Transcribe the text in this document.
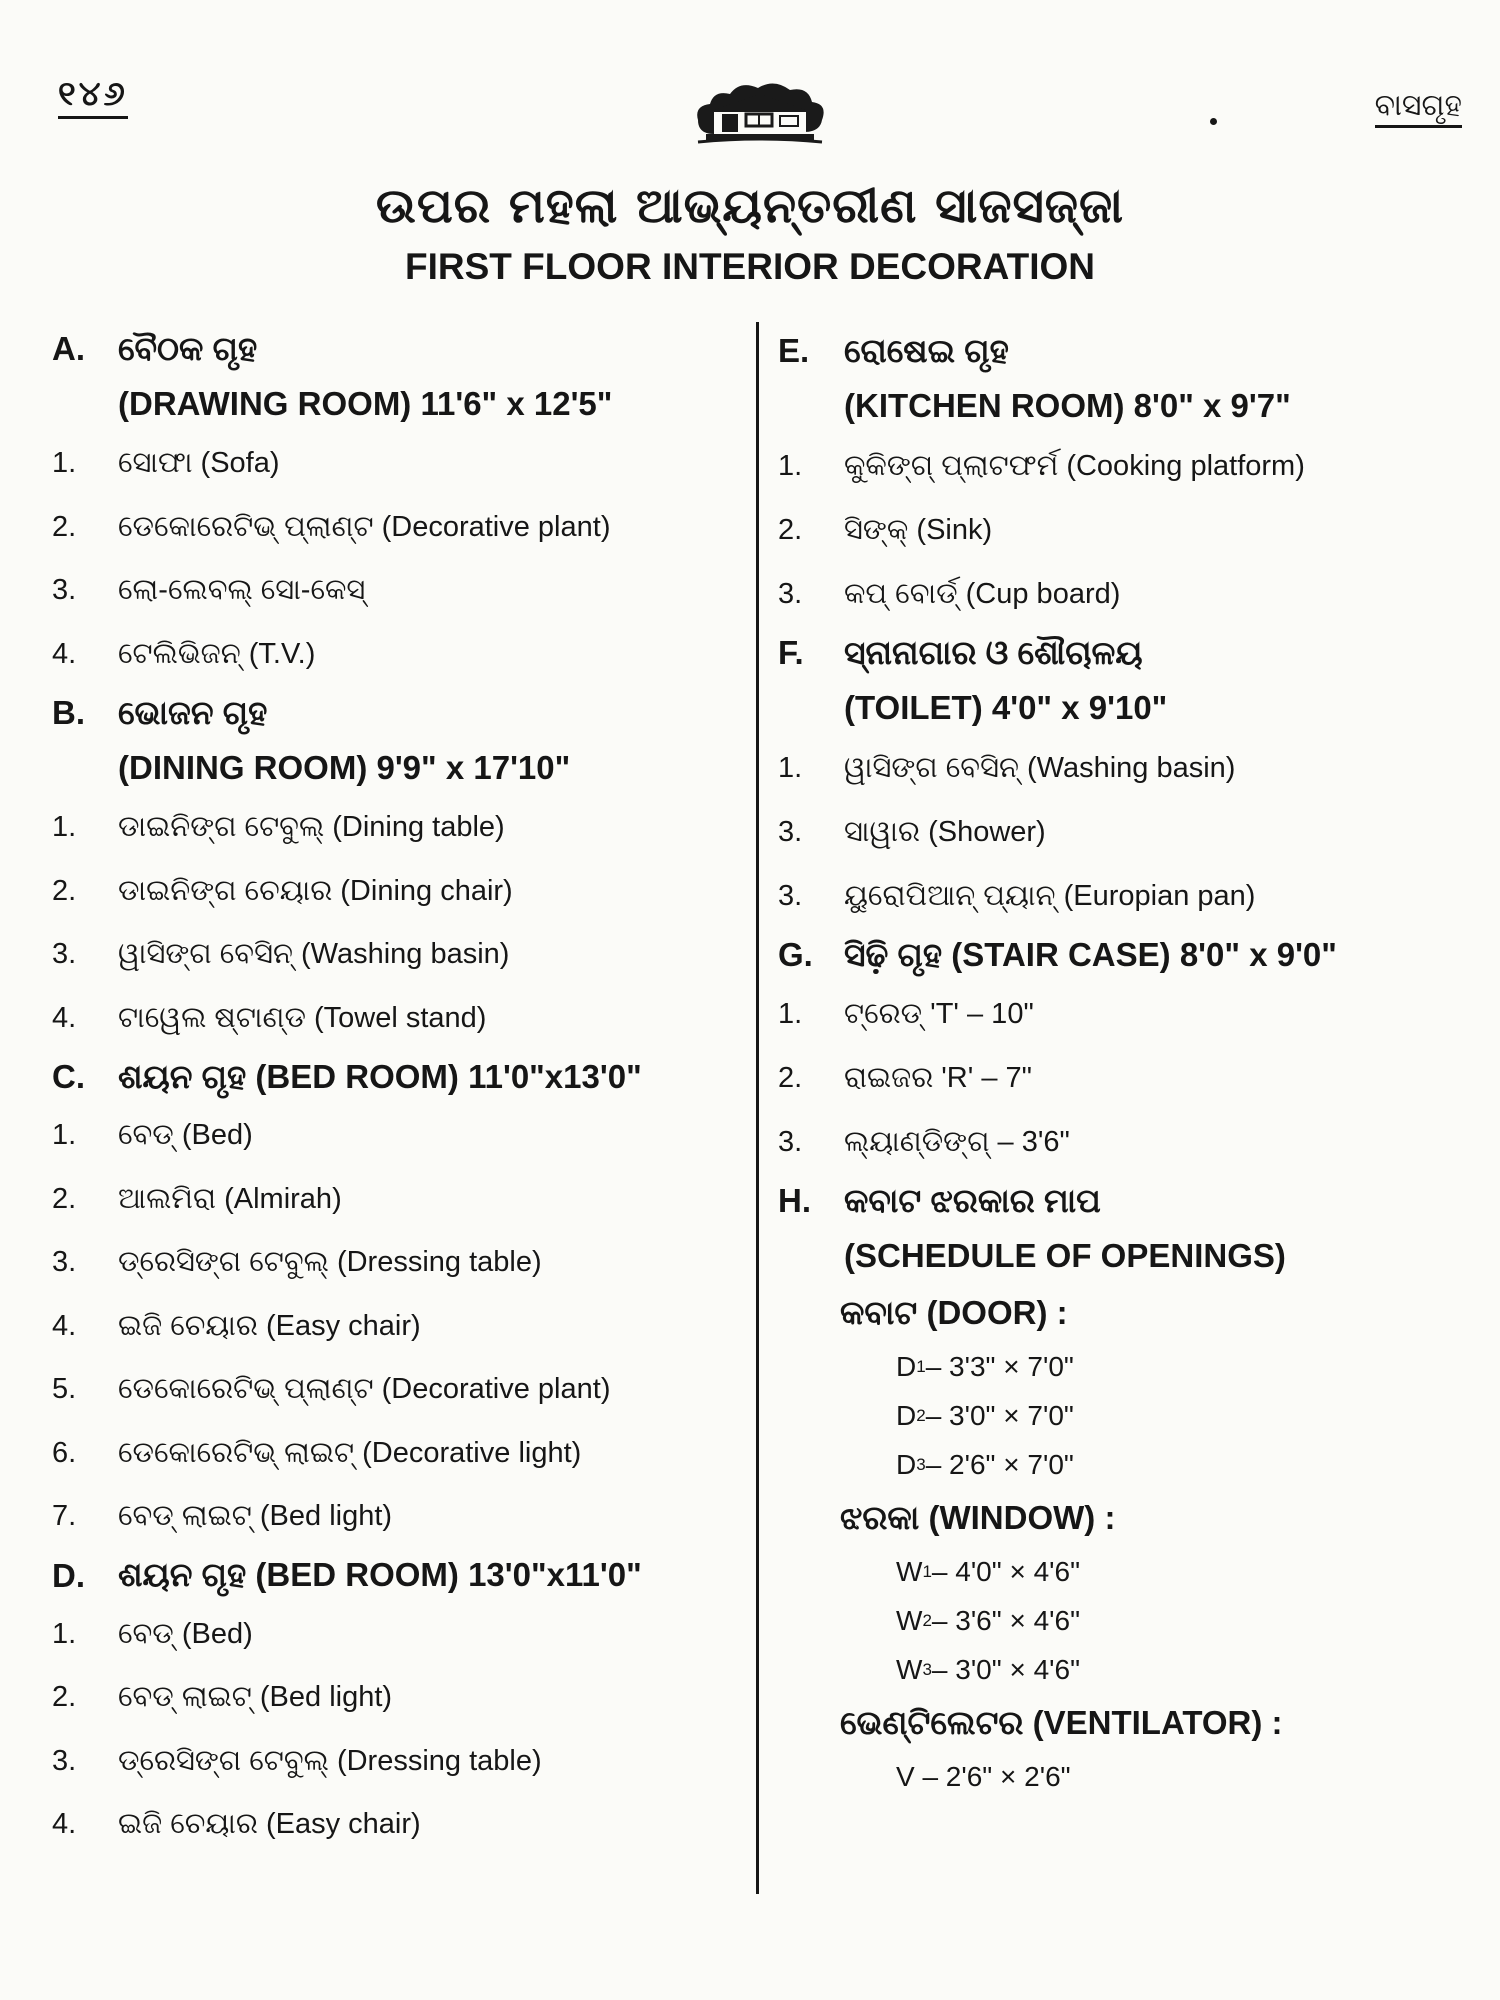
୧୪୬	ବାସଗୃହ
ଉପର ମହଲା ଆଭ୍ୟନ୍ତରୀଣ ସାଜସଜ୍ଜା
FIRST FLOOR INTERIOR DECORATION
A.	ବୈଠକ ଗୃହ
(DRAWING ROOM) 11'6" x 12'5"
1.	ସୋଫା (Sofa)
2.	ଡେକୋରେଟିଭ୍ ପ୍ଲାଣ୍ଟ (Decorative plant)
3.	ଲୋ-ଲେବଲ୍ ସୋ-କେସ୍
4.	ଟେଲିଭିଜନ୍ (T.V.)
B.	ଭୋଜନ ଗୃହ
(DINING ROOM) 9'9" x 17'10"
1.	ଡାଇନିଙ୍ଗ ଟେବୁଲ୍ (Dining table)
2.	ଡାଇନିଙ୍ଗ ଚେୟାର (Dining chair)
3.	ୱାସିଙ୍ଗ ବେସିନ୍ (Washing basin)
4.	ଟାୱେଲ ଷ୍ଟାଣ୍ଡ (Towel stand)
C.	ଶୟନ ଗୃହ (BED ROOM) 11'0"x13'0"
1.	ବେଡ୍ (Bed)
2.	ଆଲମିରା (Almirah)
3.	ଡ୍ରେସିଙ୍ଗ ଟେବୁଲ୍ (Dressing table)
4.	ଇଜି ଚେୟାର (Easy chair)
5.	ଡେକୋରେଟିଭ୍ ପ୍ଲାଣ୍ଟ (Decorative plant)
6.	ଡେକୋରେଟିଭ୍ ଲାଇଟ୍ (Decorative light)
7.	ବେଡ୍ ଲାଇଟ୍ (Bed light)
D.	ଶୟନ ଗୃହ (BED ROOM) 13'0"x11'0"
1.	ବେଡ୍ (Bed)
2.	ବେଡ୍ ଲାଇଟ୍ (Bed light)
3.	ଡ୍ରେସିଙ୍ଗ ଟେବୁଲ୍ (Dressing table)
4.	ଇଜି ଚେୟାର (Easy chair)
E.	ରୋଷେଇ ଗୃହ
(KITCHEN ROOM) 8'0" x 9'7"
1.	କୁକିଙ୍ଗ୍ ପ୍ଲାଟଫର୍ମ (Cooking platform)
2.	ସିଙ୍କ୍ (Sink)
3.	କପ୍ ବୋର୍ଡ୍ (Cup board)
F.	ସ୍ନାନାଗାର ଓ ଶୌଚାଳୟ
(TOILET) 4'0" x 9'10"
1.	ୱାସିଙ୍ଗ ବେସିନ୍ (Washing basin)
3.	ସାୱାର (Shower)
3.	ୟୁରୋପିଆନ୍ ପ୍ୟାନ୍ (Europian pan)
G. ସିଢ଼ି ଗୃହ (STAIR CASE) 8'0" x 9'0"
1.	ଟ୍ରେଡ୍ 'T' – 10"
2.	ରାଇଜର 'R' – 7"
3.	ଲ୍ୟାଣ୍ଡିଙ୍ଗ୍ – 3'6"
H.	କବାଟ ଝରକାର ମାପ
(SCHEDULE OF OPENINGS)
କବାଟ (DOOR) :
D 1 – 3'3" × 7'0"
D 2 – 3'0" × 7'0"
D 3 – 2'6" × 7'0"
ଝରକା (WINDOW) :
W 1 – 4'0" × 4'6"
W 2 – 3'6" × 4'6"
W 3 – 3'0" × 4'6"
ଭେଣ୍ଟିଲେଟର (VENTILATOR) :
V – 2'6" × 2'6"
